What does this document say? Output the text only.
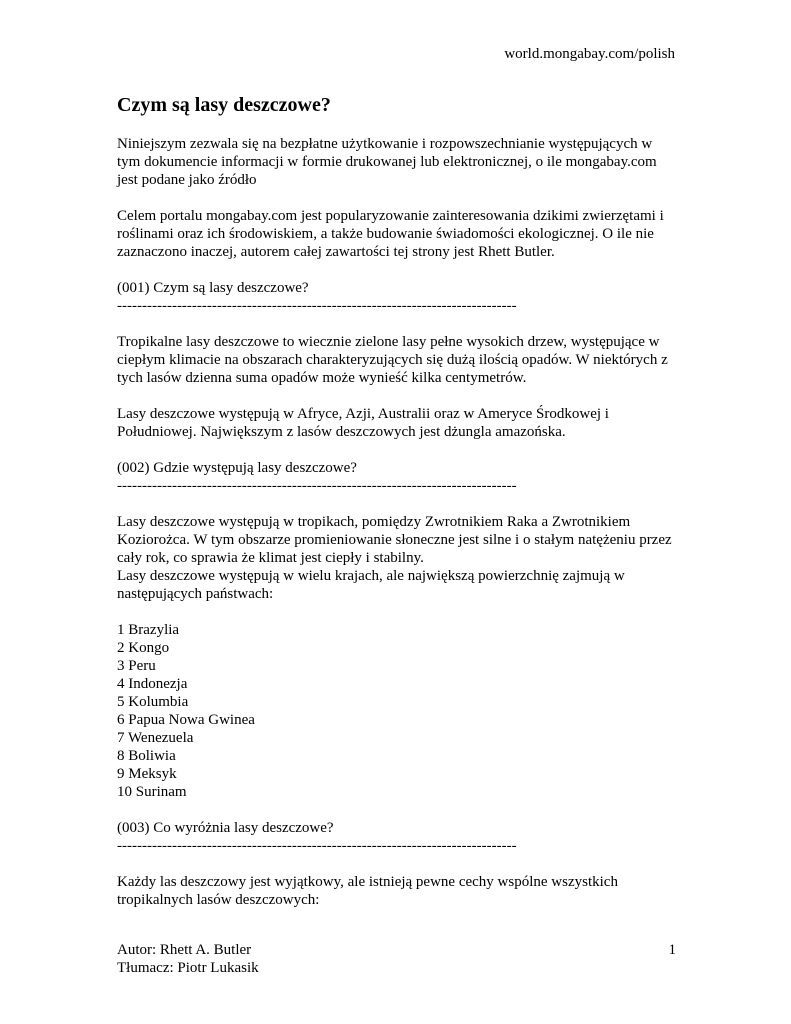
world.mongabay.com/polish
Czym są lasy deszczowe?

Niniejszym zezwala się na bezpłatne użytkowanie i rozpowszechnianie występujących w tym dokumencie informacji w formie drukowanej lub elektronicznej, o ile mongabay.com jest podane jako źródło

Celem portalu mongabay.com jest popularyzowanie zainteresowania dzikimi zwierzętami i roślinami oraz ich środowiskiem, a także budowanie świadomości ekologicznej. O ile nie zaznaczono inaczej, autorem całej zawartości tej strony jest Rhett Butler.

(001) Czym są lasy deszczowe?

--------------------------------------------------------------------------------

Tropikalne lasy deszczowe to wiecznie zielone lasy pełne wysokich drzew, występujące w ciepłym klimacie na obszarach charakteryzujących się dużą ilością opadów. W niektórych z tych lasów dzienna suma opadów może wynieść kilka centymetrów.

Lasy deszczowe występują w Afryce, Azji, Australii oraz w Ameryce Środkowej i Południowej. Największym z lasów deszczowych jest dżungla amazońska.

(002) Gdzie występują lasy deszczowe?

--------------------------------------------------------------------------------

Lasy deszczowe występują w tropikach, pomiędzy Zwrotnikiem Raka a Zwrotnikiem Koziorożca. W tym obszarze promieniowanie słoneczne jest silne i o stałym natężeniu przez cały rok, co sprawia że klimat jest ciepły i stabilny.

Lasy deszczowe występują w wielu krajach, ale największą powierzchnię zajmują w następujących państwach:

1 Brazylia
2 Kongo
3 Peru
4 Indonezja
5 Kolumbia
6 Papua Nowa Gwinea
7 Wenezuela
8 Boliwia
9 Meksyk
10 Surinam

(003) Co wyróżnia lasy deszczowe?

--------------------------------------------------------------------------------

Każdy las deszczowy jest wyjątkowy, ale istnieją pewne cechy wspólne wszystkich tropikalnych lasów deszczowych:

Autor: Rhett A. Butler
Tłumacz: Piotr Lukasik
1
